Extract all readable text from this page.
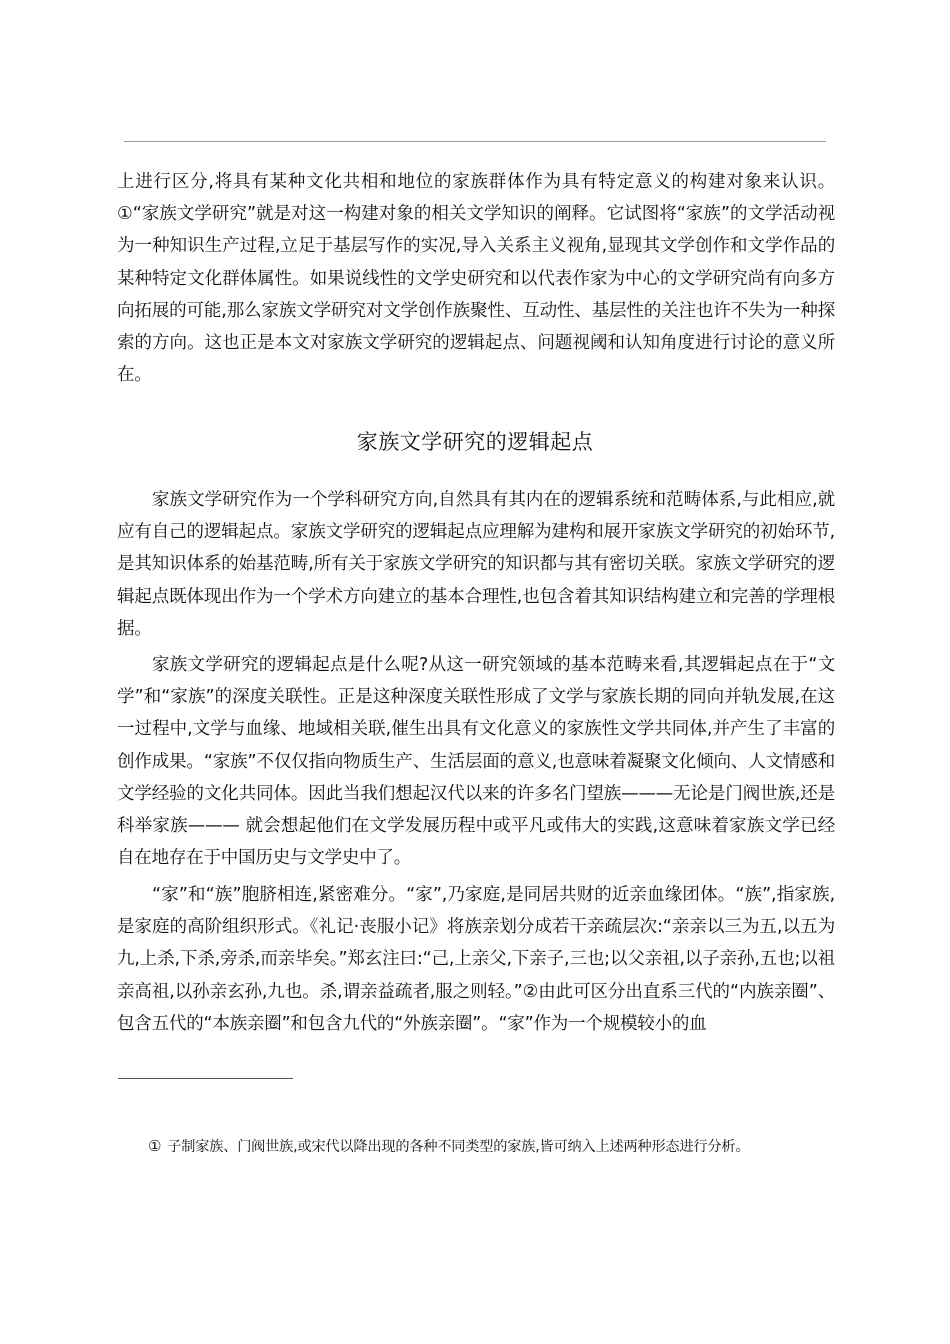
上进行区分,将具有某种文化共相和地位的家族群体作为具有特定意义的构建对象来认识。①“家族文学研究”就是对这一构建对象的相关文学知识的阐释。它试图将“家族”的文学活动视为一种知识生产过程,立足于基层写作的实况,导入关系主义视角,显现其文学创作和文学作品的某种特定文化群体属性。如果说线性的文学史研究和以代表作家为中心的文学研究尚有向多方向拓展的可能,那么家族文学研究对文学创作族聚性、互动性、基层性的关注也许不失为一种探索的方向。这也正是本文对家族文学研究的逻辑起点、问题视阈和认知角度进行讨论的意义所在。

家族文学研究的逻辑起点

家族文学研究作为一个学科研究方向,自然具有其内在的逻辑系统和范畴体系,与此相应,就应有自己的逻辑起点。家族文学研究的逻辑起点应理解为建构和展开家族文学研究的初始环节,是其知识体系的始基范畴,所有关于家族文学研究的知识都与其有密切关联。家族文学研究的逻辑起点既体现出作为一个学术方向建立的基本合理性,也包含着其知识结构建立和完善的学理根据。

家族文学研究的逻辑起点是什么呢?从这一研究领域的基本范畴来看,其逻辑起点在于“文学”和“家族”的深度关联性。正是这种深度关联性形成了文学与家族长期的同向并轨发展,在这一过程中,文学与血缘、地域相关联,催生出具有文化意义的家族性文学共同体,并产生了丰富的创作成果。“家族”不仅仅指向物质生产、生活层面的意义,也意味着凝聚文化倾向、人文情感和文学经验的文化共同体。因此当我们想起汉代以来的许多名门望族———无论是门阀世族,还是科举家族——— 就会想起他们在文学发展历程中或平凡或伟大的实践,这意味着家族文学已经自在地存在于中国历史与文学史中了。

“家”和“族”胞脐相连,紧密难分。“家”,乃家庭,是同居共财的近亲血缘团体。“族”,指家族,是家庭的高阶组织形式。《礼记·丧服小记》将族亲划分成若干亲疏层次:“亲亲以三为五,以五为九,上杀,下杀,旁杀,而亲毕矣。”郑玄注曰:“己,上亲父,下亲子,三也;以父亲祖,以子亲孙,五也;以祖亲高祖,以孙亲玄孙,九也。杀,谓亲益疏者,服之则轻。”②由此可区分出直系三代的“内族亲圈”、包含五代的“本族亲圈”和包含九代的“外族亲圈”。“家”作为一个规模较小的血

① 子制家族、门阀世族,或宋代以降出现的各种不同类型的家族,皆可纳入上述两种形态进行分析。
